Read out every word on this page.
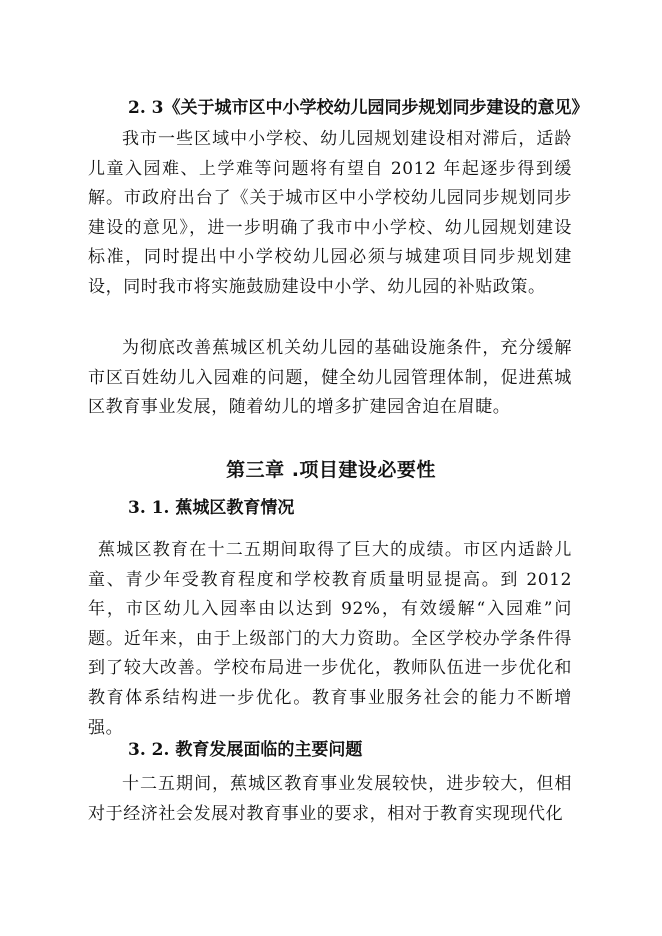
2. 3《关于城市区中小学校幼儿园同步规划同步建设的意见》
我市一些区域中小学校、幼儿园规划建设相对滞后，适龄儿童入园难、上学难等问题将有望自 2012 年起逐步得到缓解。市政府出台了《关于城市区中小学校幼儿园同步规划同步建设的意见》，进一步明确了我市中小学校、幼儿园规划建设标准，同时提出中小学校幼儿园必须与城建项目同步规划建设，同时我市将实施鼓励建设中小学、幼儿园的补贴政策。
为彻底改善蕉城区机关幼儿园的基础设施条件，充分缓解市区百姓幼儿入园难的问题，健全幼儿园管理体制，促进蕉城区教育事业发展，随着幼儿的增多扩建园舍迫在眉睫。
第三章 .项目建设必要性
3. 1. 蕉城区教育情况
蕉城区教育在十二五期间取得了巨大的成绩。市区内适龄儿童、青少年受教育程度和学校教育质量明显提高。到 2012 年，市区幼儿入园率由以达到 92%，有效缓解“入园难”问题。近年来，由于上级部门的大力资助。全区学校办学条件得到了较大改善。学校布局进一步优化，教师队伍进一步优化和教育体系结构进一步优化。教育事业服务社会的能力不断增强。
3. 2. 教育发展面临的主要问题
十二五期间，蕉城区教育事业发展较快，进步较大，但相对于经济社会发展对教育事业的要求，相对于教育实现现代化
